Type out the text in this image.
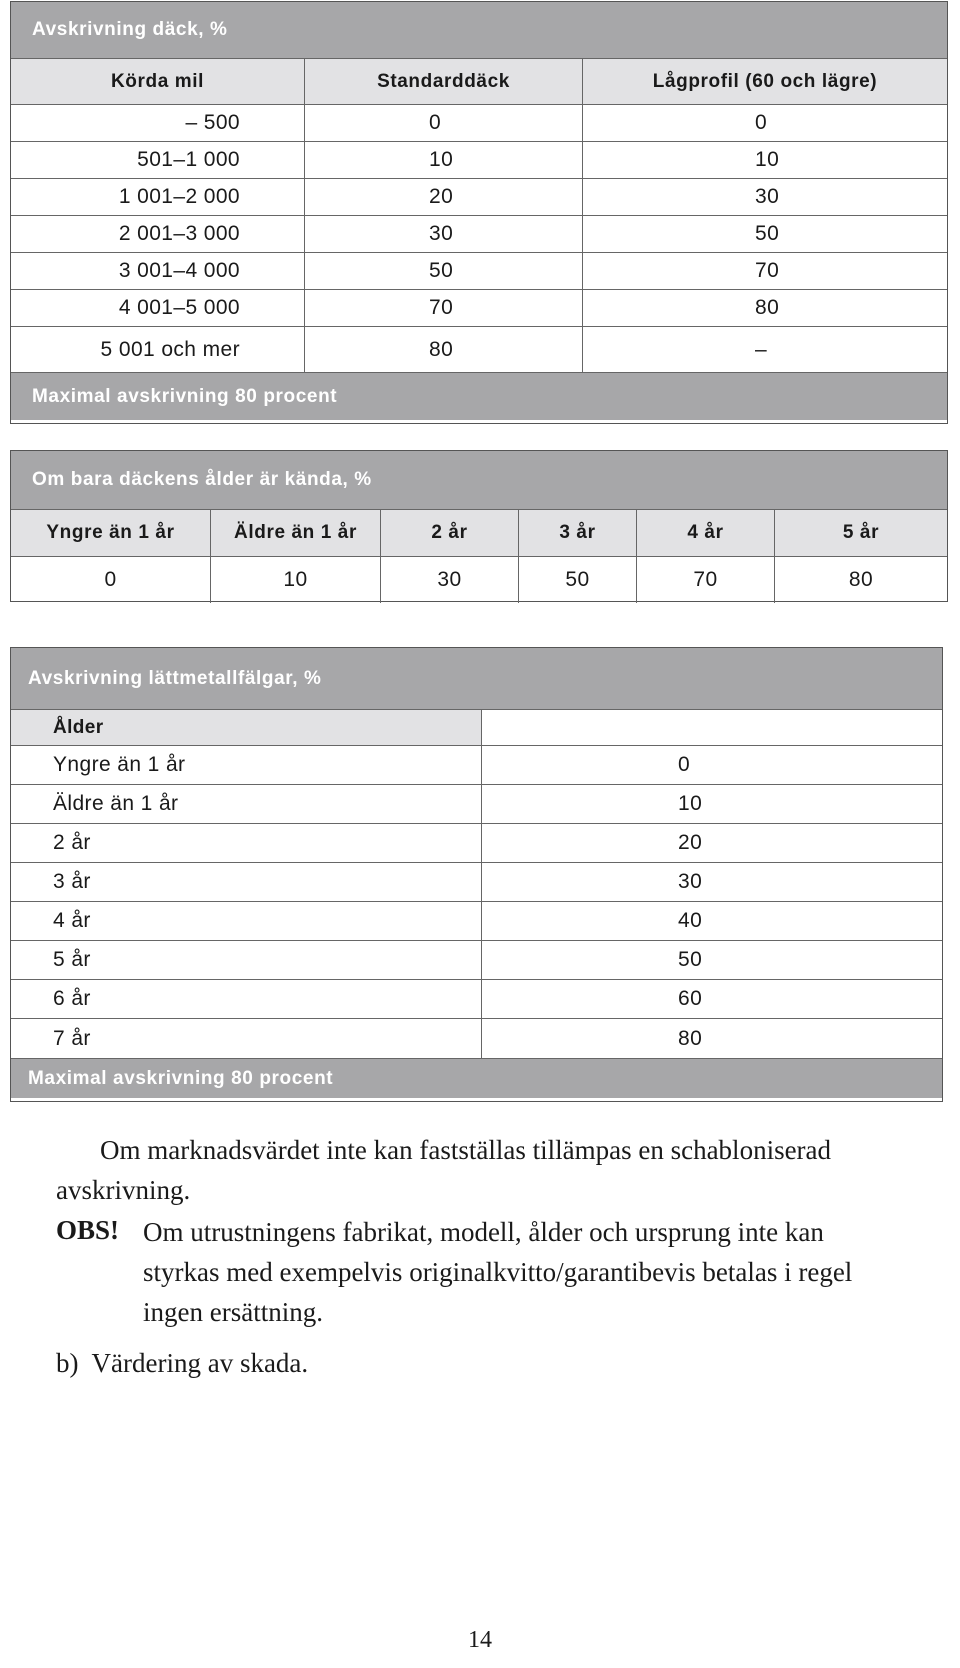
Avskrivning däck, %
Körda mil	Standarddäck	Lågprofil (60 och lägre)
– 500	0	0
501–1 000	10	10
1 001–2 000	20	30
2 001–3 000	30	50
3 001–4 000	50	70
4 001–5 000	70	80
5 001 och mer	80	–
Maximal avskrivning 80 procent
Om bara däckens ålder är kända, %
Yngre än 1 år	Äldre än 1 år	2 år	3 år	4 år	5 år
0	10	30	50	70	80
Avskrivning lättmetallfälgar, %
Ålder
Yngre än 1 år	0
Äldre än 1 år	10
2 år	20
3 år	30
4 år	40
5 år	50
6 år	60
7 år	80
Maximal avskrivning 80 procent
Om marknadsvärdet inte kan fastställas tillämpas en schabloniserad
avskrivning.
OBS! Om utrustningens fabrikat, modell, ålder och ursprung inte kan
styrkas med exempelvis originalkvitto/garantibevis betalas i regel
ingen ersättning.
b)  Värdering av skada.
14
